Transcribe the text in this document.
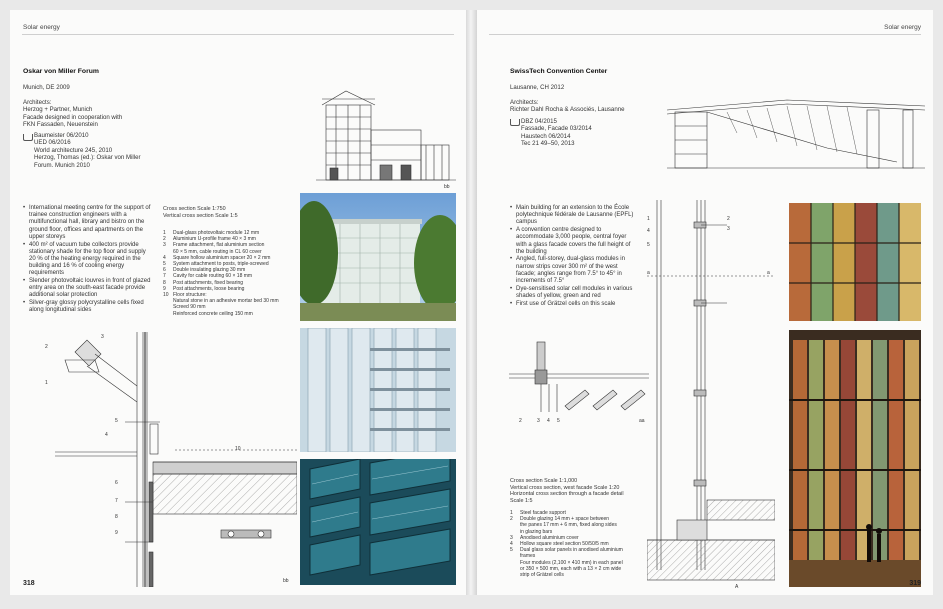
Solar energy
Oskar von Miller Forum
Munich, DE 2009
Architects:
Herzog + Partner, Munich
Facade designed in cooperation with
FKN Fassaden, Neuenstein
Baumeister 06/2010
UED 06/2016
World architecture 245, 2010
Herzog, Thomas (ed.): Oskar von Miller
Forum. Munich 2010
bb
• International meeting centre for the support of trainee construction engineers with a multifunctional hall, library and bistro on the ground floor, offices and apartments on the upper storeys
• 400 m² of vacuum tube collectors provide stationary shade for the top floor and supply 20 % of the heating energy required in the building and 16 % of cooling energy requirements
• Slender photovoltaic louvres in front of glazed entry area on the south-east facade provide additional solar protection
• Silver-gray glossy polycrystalline cells fixed along longitudinal sides
Cross section Scale 1:750
Vertical cross section Scale 1:5
1 Dual-glass photovoltaic module 12 mm
2 Aluminium U-profile frame 40 × 3 mm
3 Frame attachment, flat aluminium section
60 × 5 mm, cable routing in CL 60 cover
4 Square hollow aluminium spacer 20 × 2 mm
5 System attachment to posts, triple-screwed
6 Double insulating glazing 30 mm
7 Cavity for cable routing 60 × 18 mm
8 Post attachments, fixed bearing
9 Post attachments, loose bearing
10 Floor structure:
Natural stone in an adhesive mortar bed 30 mm
Screed 90 mm
Reinforced concrete ceiling 150 mm
3
2
1
5
4
10
6
7
8
9
bb
318
Solar energy
SwissTech Convention Center
Lausanne, CH 2012
Architects:
Richter Dahl Rocha & Associés, Lausanne
DBZ 04/2015
Fassade, Facade 03/2014
Haustech 06/2014
Tec 21 49–50, 2013
• Main building for an extension to the École polytechnique fédérale de Lausanne (EPFL) campus
• A convention centre designed to accommodate 3,000 people, central foyer with a glass facade covers the full height of the building
• Angled, full-storey, dual-glass modules in narrow strips cover 300 m² of the west facade; angles range from 7.5° to 45° in increments of 7.5°
• Dye-sensitised solar cell modules in various shades of yellow, green and red
• First use of Grätzel cells on this scale
2	3 4 5	aa
Cross section Scale 1:1,000
Vertical cross section, west facade Scale 1:20
Horizontal cross section through a facade detail
Scale 1:5
1 Steel facade support
2 Double glazing 14 mm + space between
the panes 17 mm + 6 mm, fixed along sides
in glazing bars
3 Anodised aluminium cover
4 Hollow square steel section 50/50/5 mm
5 Dual glass solar panels in anodised aluminium
frames
Four modules (2,100 × 410 mm) in each panel
or 350 × 500 mm, each with a 13 × 2 cm wide
strip of Grätzel cells
1
4
5
2
3
a	a
A	319
